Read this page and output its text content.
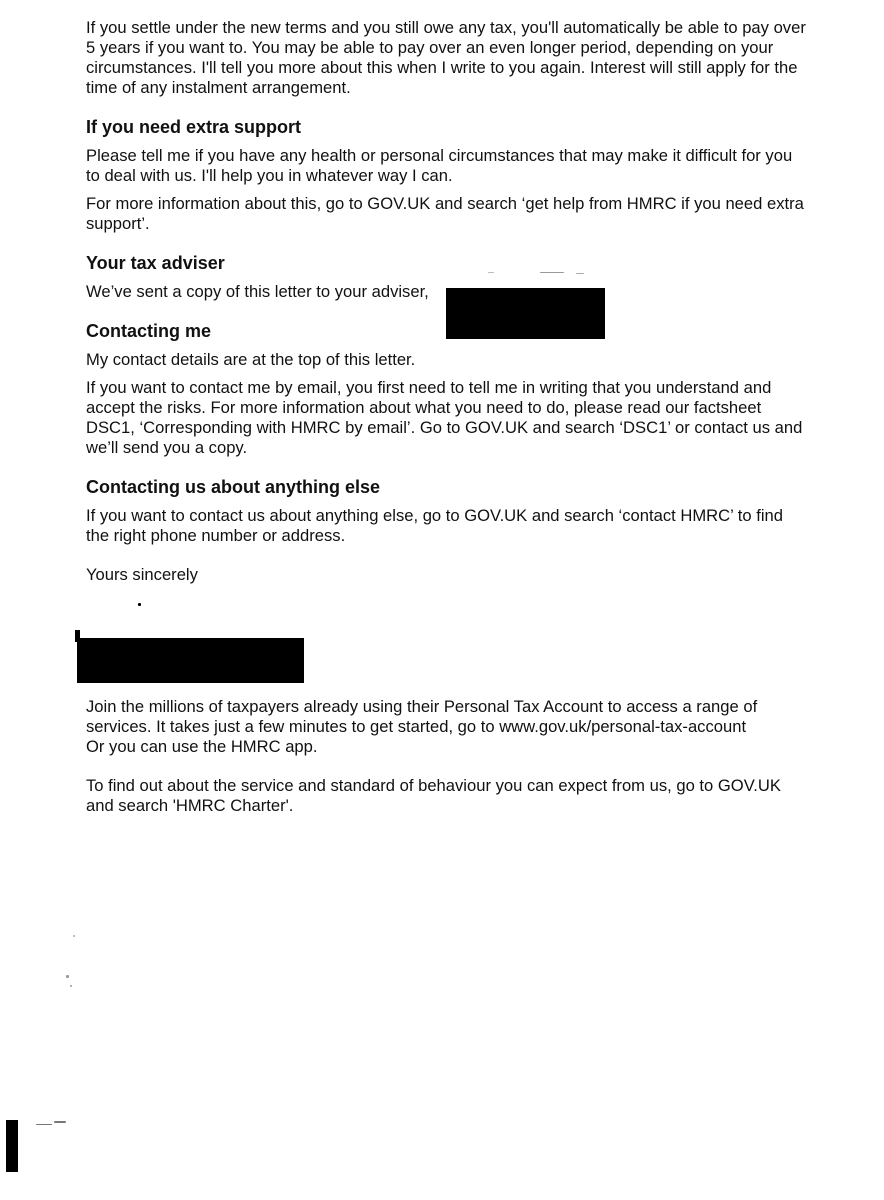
If you settle under the new terms and you still owe any tax, you'll automatically be able to pay over 5 years if you want to. You may be able to pay over an even longer period, depending on your circumstances. I'll tell you more about this when I write to you again. Interest will still apply for the time of any instalment arrangement.

If you need extra support

Please tell me if you have any health or personal circumstances that may make it difficult for you to deal with us. I'll help you in whatever way I can.

For more information about this, go to GOV.UK and search ‘get help from HMRC if you need extra support’.

Your tax adviser

We’ve sent a copy of this letter to your adviser,

Contacting me

My contact details are at the top of this letter.

If you want to contact me by email, you first need to tell me in writing that you understand and accept the risks. For more information about what you need to do, please read our factsheet DSC1, ‘Corresponding with HMRC by email’. Go to GOV.UK and search ‘DSC1’ or contact us and we’ll send you a copy.

Contacting us about anything else

If you want to contact us about anything else, go to GOV.UK and search ‘contact HMRC’ to find the right phone number or address.

Yours sincerely

Join the millions of taxpayers already using their Personal Tax Account to access a range of services. It takes just a few minutes to get started, go to www.gov.uk/personal-tax-account

Or you can use the HMRC app.

To find out about the service and standard of behaviour you can expect from us, go to GOV.UK and search 'HMRC Charter'.
